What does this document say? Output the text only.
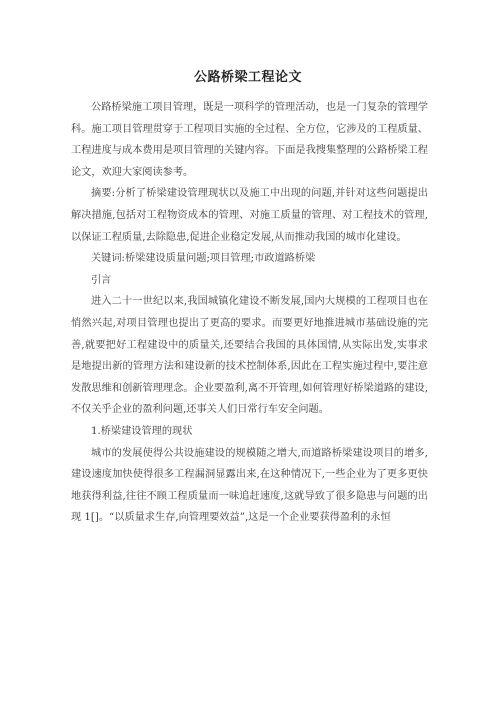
公路桥梁工程论文

公路桥梁施工项目管理，既是一项科学的管理活动，也是一门复杂的管理学科。施工项目管理贯穿于工程项目实施的全过程、全方位，它涉及的工程质量、工程进度与成本费用是项目管理的关键内容。下面是我搜集整理的公路桥梁工程论文，欢迎大家阅读参考。

摘要:分析了桥梁建设管理现状以及施工中出现的问题,并针对这些问题提出解决措施,包括对工程物资成本的管理、对施工质量的管理、对工程技术的管理,以保证工程质量,去除隐患,促进企业稳定发展,从而推动我国的城市化建设。

关键词:桥梁建设质量问题;项目管理;市政道路桥梁

引言

进入二十一世纪以来,我国城镇化建设不断发展,国内大规模的工程项目也在悄然兴起,对项目管理也提出了更高的要求。而要更好地推进城市基础设施的完善,就要把好工程建设中的质量关,还要结合我国的具体国情,从实际出发,实事求是地提出新的管理方法和建设新的技术控制体系,因此在工程实施过程中,要注意发散思维和创新管理理念。企业要盈利,离不开管理,如何管理好桥梁道路的建设,不仅关乎企业的盈利问题,还事关人们日常行车安全问题。

1.桥梁建设管理的现状

城市的发展使得公共设施建设的规模随之增大,而道路桥梁建设项目的增多,建设速度加快使得很多工程漏洞显露出来,在这种情况下,一些企业为了更多更快地获得利益,往往不顾工程质量而一味追赶速度,这就导致了很多隐患与问题的出现 1[]。“以质量求生存,向管理要效益”,这是一个企业要获得盈利的永恒
